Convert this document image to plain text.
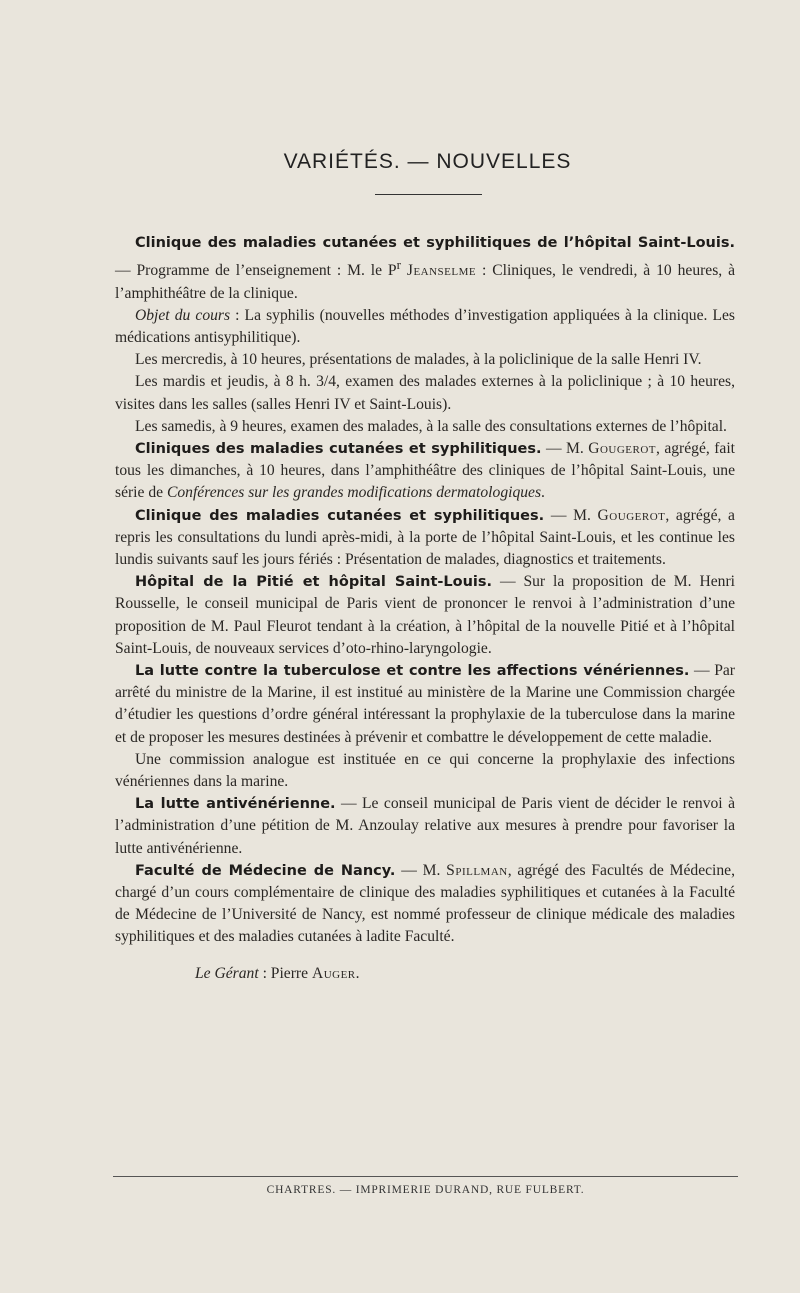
VARIÉTÉS. — NOUVELLES

Clinique des maladies cutanées et syphilitiques de l’hôpital Saint-Louis. — Programme de l’enseignement : M. le $P^r$ Jeanselme : Cliniques, le vendredi, à 10 heures, à l’amphithéâtre de la clinique.

Objet du cours : La syphilis (nouvelles méthodes d’investigation appliquées à la clinique. Les médications antisyphilitique).

Les mercredis, à 10 heures, présentations de malades, à la policlinique de la salle Henri IV.

Les mardis et jeudis, à 8 h. 3/4, examen des malades externes à la policlinique ; à 10 heures, visites dans les salles (salles Henri IV et Saint-Louis).

Les samedis, à 9 heures, examen des malades, à la salle des consultations externes de l’hôpital.

Cliniques des maladies cutanées et syphilitiques. — M. Gougerot, agrégé, fait tous les dimanches, à 10 heures, dans l’amphithéâtre des cliniques de l’hôpital Saint-Louis, une série de Conférences sur les grandes modifications dermatologiques.

Clinique des maladies cutanées et syphilitiques. — M. Gougerot, agrégé, a repris les consultations du lundi après-midi, à la porte de l’hôpital Saint-Louis, et les continue les lundis suivants sauf les jours fériés : Présentation de malades, diagnostics et traitements.

Hôpital de la Pitié et hôpital Saint-Louis. — Sur la proposition de M. Henri Rousselle, le conseil municipal de Paris vient de prononcer le renvoi à l’administration d’une proposition de M. Paul Fleurot tendant à la création, à l’hôpital de la nouvelle Pitié et à l’hôpital Saint-Louis, de nouveaux services d’oto-rhino-laryngologie.

La lutte contre la tuberculose et contre les affections vénériennes. — Par arrêté du ministre de la Marine, il est institué au ministère de la Marine une Commission chargée d’étudier les questions d’ordre général intéressant la prophylaxie de la tuberculose dans la marine et de proposer les mesures destinées à prévenir et combattre le développement de cette maladie.

Une commission analogue est instituée en ce qui concerne la prophylaxie des infections vénériennes dans la marine.

La lutte antivénérienne. — Le conseil municipal de Paris vient de décider le renvoi à l’administration d’une pétition de M. Anzoulay relative aux mesures à prendre pour favoriser la lutte antivénérienne.

Faculté de Médecine de Nancy. — M. Spillman, agrégé des Facultés de Médecine, chargé d’un cours complémentaire de clinique des maladies syphilitiques et cutanées à la Faculté de Médecine de l’Université de Nancy, est nommé professeur de clinique médicale des maladies syphilitiques et des maladies cutanées à ladite Faculté.

Le Gérant : Pierre Auger.

CHARTRES. — IMPRIMERIE DURAND, RUE FULBERT.
